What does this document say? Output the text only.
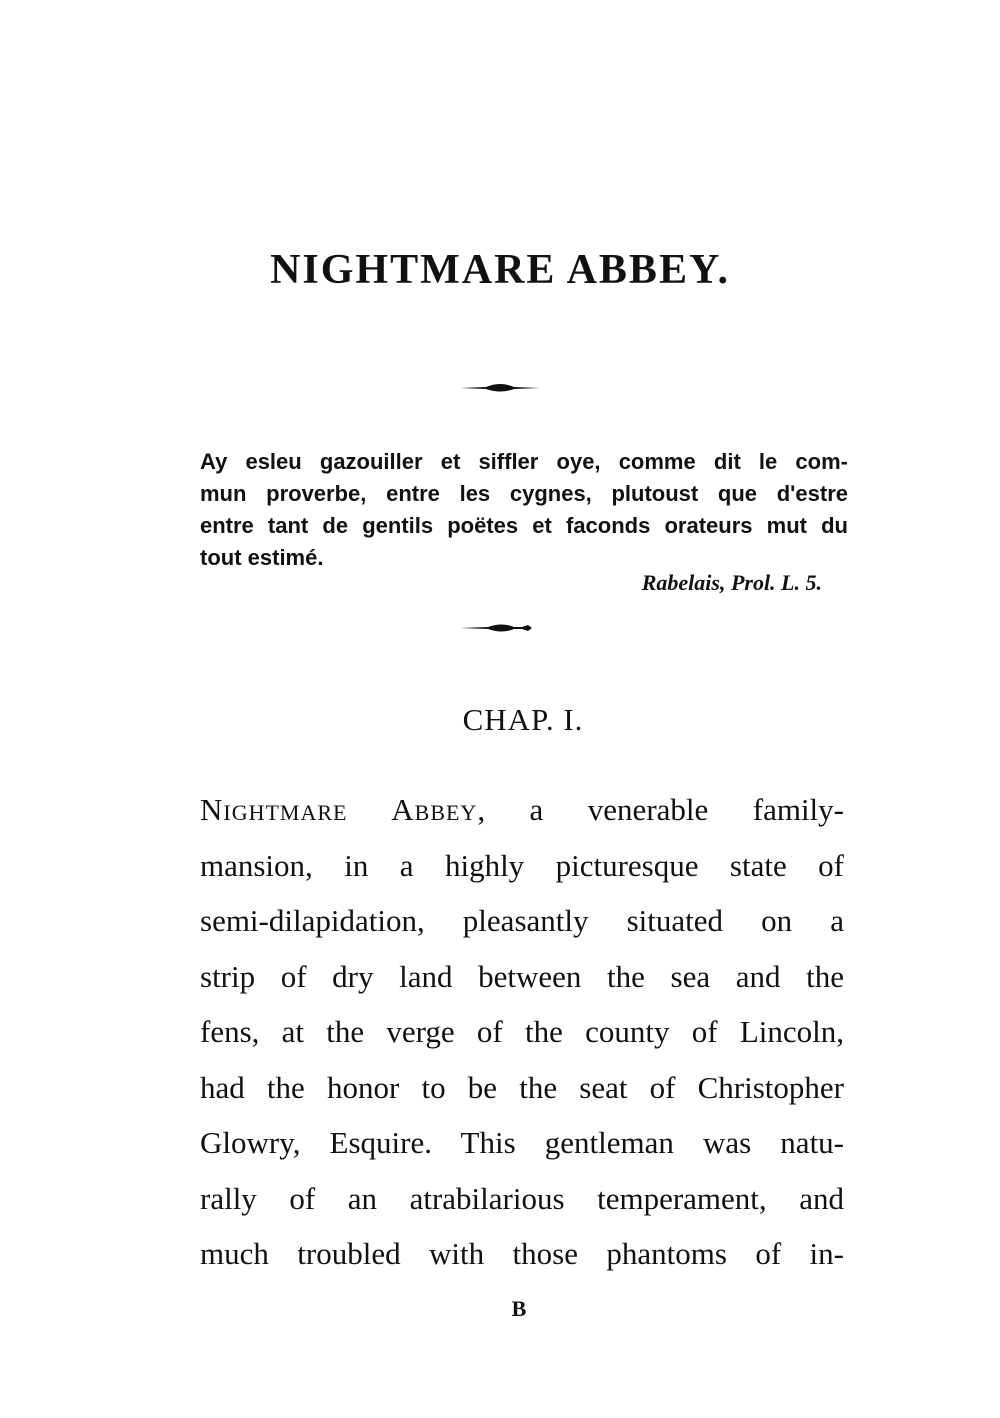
NIGHTMARE ABBEY.
Ay esleu gazouiller et siffler oye, comme dit le com-
mun proverbe, entre les cygnes, plutoust que d'estre
entre tant de gentils poëtes et faconds orateurs mut du
tout estimé.
Rabelais, Prol. L. 5.
CHAP. I.
Nightmare Abbey, a venerable family-
mansion, in a highly picturesque state of
semi-dilapidation, pleasantly situated on a
strip of dry land between the sea and the
fens, at the verge of the county of Lincoln,
had the honor to be the seat of Christopher
Glowry, Esquire. This gentleman was natu-
rally of an atrabilarious temperament, and
much troubled with those phantoms of in-
B
